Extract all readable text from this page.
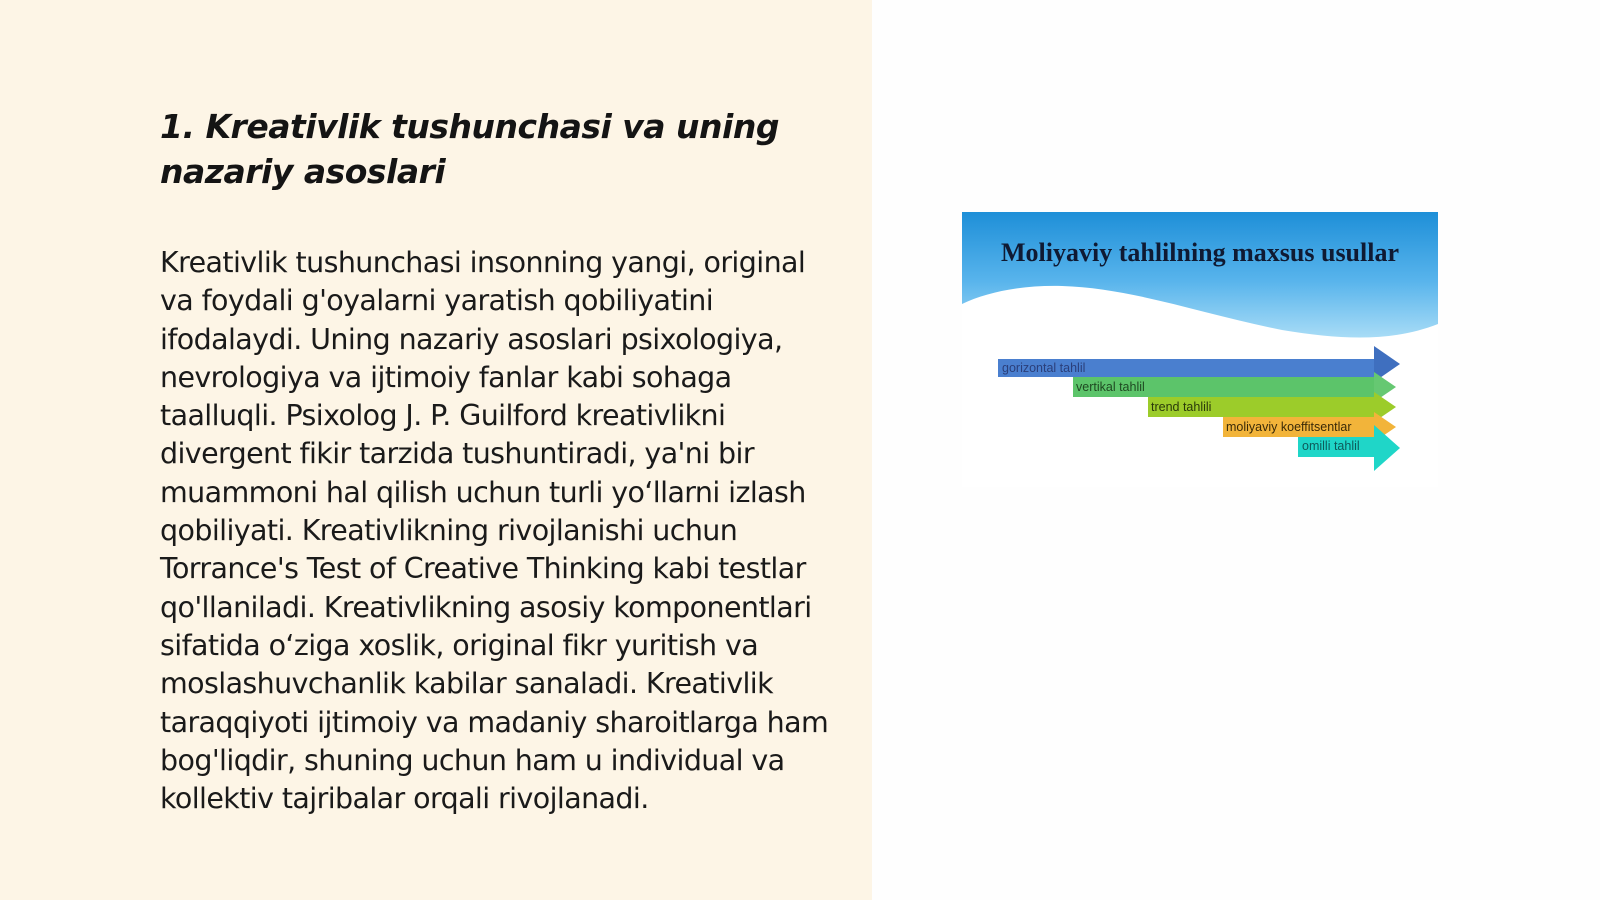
1. Kreativlik tushunchasi va uning nazariy asoslari

Kreativlik tushunchasi insonning yangi, original va foydali g'oyalarni yaratish qobiliyatini ifodalaydi. Uning nazariy asoslari psixologiya, nevrologiya va ijtimoiy fanlar kabi sohaga taalluqli. Psixolog J. P. Guilford kreativlikni divergent fikir tarzida tushuntiradi, ya'ni bir muammoni hal qilish uchun turli yo‘llarni izlash qobiliyati. Kreativlikning rivojlanishi uchun Torrance's Test of Creative Thinking kabi testlar qo'llaniladi. Kreativlikning asosiy komponentlari sifatida o‘ziga xoslik, original fikr yuritish va moslashuvchanlik kabilar sanaladi. Kreativlik taraqqiyoti ijtimoiy va madaniy sharoitlarga ham bog'liqdir, shuning uchun ham u individual va kollektiv tajribalar orqali rivojlanadi.

Moliyaviy tahlilning maxsus usullar
gorizontal tahlil
vertikal tahlil
trend tahlili
moliyaviy koeffitsentlar
omilli tahlil
